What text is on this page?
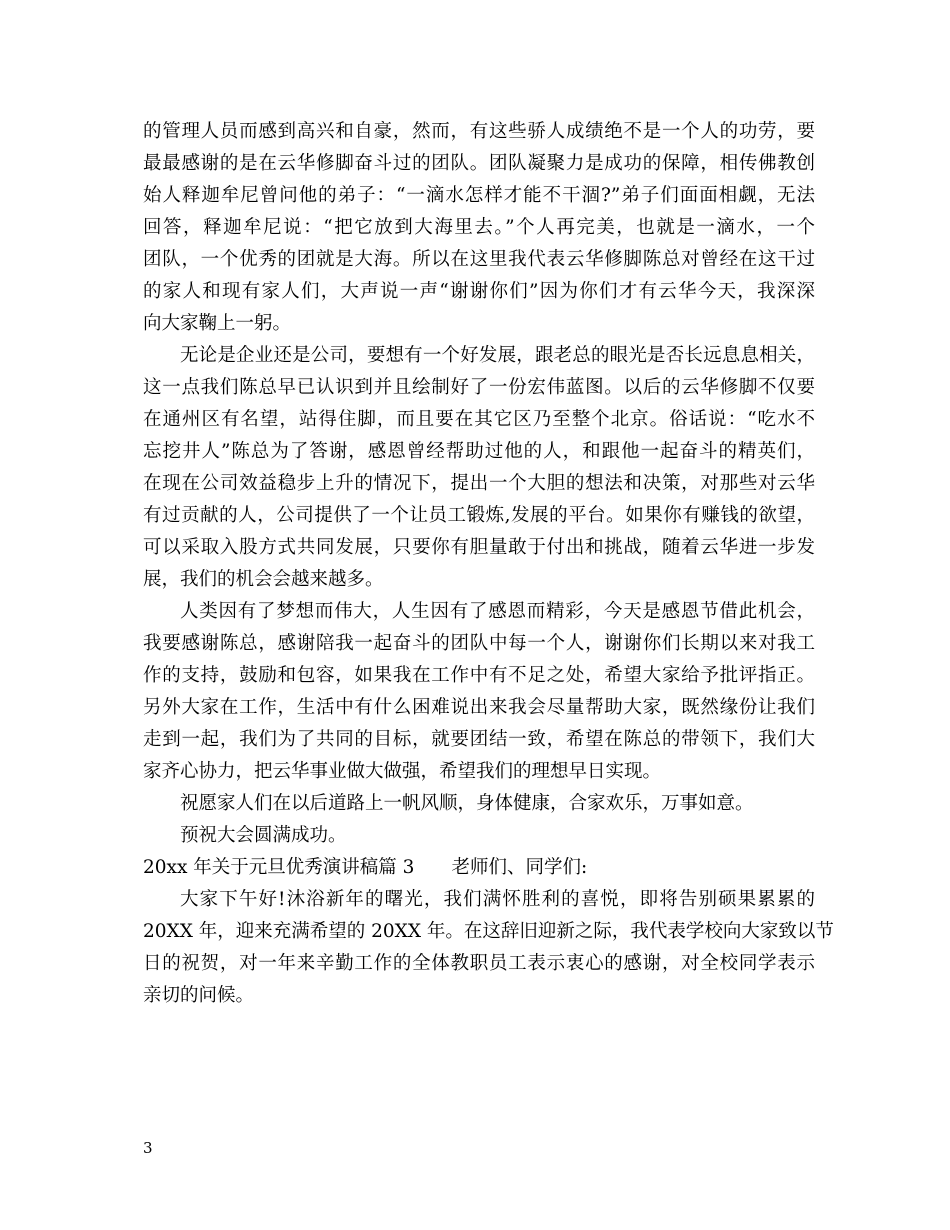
的管理人员而感到高兴和自豪，然而，有这些骄人成绩绝不是一个人的功劳，要
最最感谢的是在云华修脚奋斗过的团队。团队凝聚力是成功的保障，相传佛教创
始人释迦牟尼曾问他的弟子：“一滴水怎样才能不干涸?”弟子们面面相觑，无法
回答，释迦牟尼说：“把它放到大海里去。”个人再完美，也就是一滴水，一个
团队，一个优秀的团就是大海。所以在这里我代表云华修脚陈总对曾经在这干过
的家人和现有家人们，大声说一声“谢谢你们”因为你们才有云华今天，我深深
向大家鞠上一躬。
无论是企业还是公司，要想有一个好发展，跟老总的眼光是否长远息息相关，
这一点我们陈总早已认识到并且绘制好了一份宏伟蓝图。以后的云华修脚不仅要
在通州区有名望，站得住脚，而且要在其它区乃至整个北京。俗话说：“吃水不
忘挖井人”陈总为了答谢，感恩曾经帮助过他的人，和跟他一起奋斗的精英们，
在现在公司效益稳步上升的情况下，提出一个大胆的想法和决策，对那些对云华
有过贡献的人，公司提供了一个让员工锻炼,发展的平台。如果你有赚钱的欲望，
可以采取入股方式共同发展，只要你有胆量敢于付出和挑战，随着云华进一步发
展，我们的机会会越来越多。
人类因有了梦想而伟大，人生因有了感恩而精彩，今天是感恩节借此机会，
我要感谢陈总，感谢陪我一起奋斗的团队中每一个人，谢谢你们长期以来对我工
作的支持，鼓励和包容，如果我在工作中有不足之处，希望大家给予批评指正。
另外大家在工作，生活中有什么困难说出来我会尽量帮助大家，既然缘份让我们
走到一起，我们为了共同的目标，就要团结一致，希望在陈总的带领下，我们大
家齐心协力，把云华事业做大做强，希望我们的理想早日实现。
祝愿家人们在以后道路上一帆风顺，身体健康，合家欢乐，万事如意。
预祝大会圆满成功。
20xx 年关于元旦优秀演讲稿篇 3　　老师们、同学们:
大家下午好!沐浴新年的曙光，我们满怀胜利的喜悦，即将告别硕果累累的
20XX 年，迎来充满希望的 20XX 年。在这辞旧迎新之际，我代表学校向大家致以节
日的祝贺，对一年来辛勤工作的全体教职员工表示衷心的感谢，对全校同学表示
亲切的问候。
3
